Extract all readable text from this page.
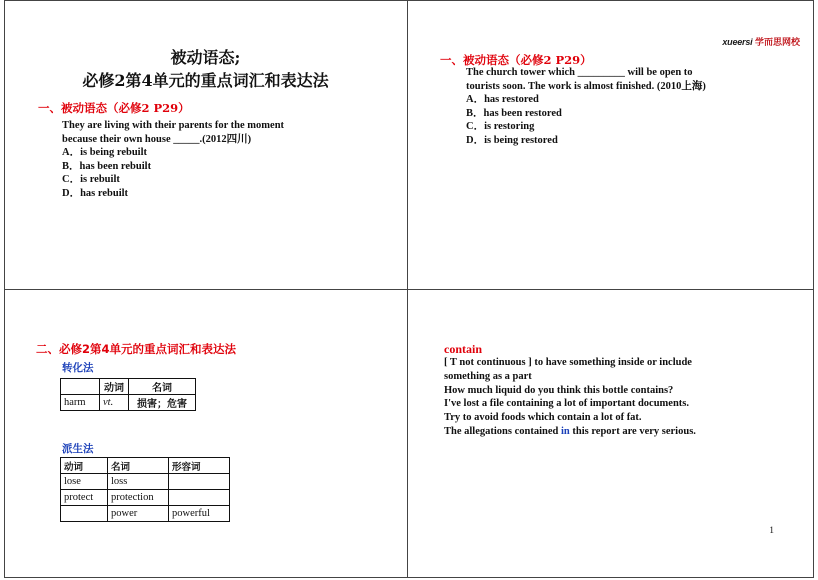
被动语态;
必修2第4单元的重点词汇和表达法
一、被动语态（必修2 P29）
They are living with their parents for the moment
because their own house _____.(2012四川)
A．is being rebuilt
B．has been rebuilt
C．is rebuilt
D．has rebuilt
xueersi 学而思网校
一、被动语态（必修2 P29）
The church tower which _________ will be open to
tourists soon. The work is almost finished. (2010上海)
A．has restored
B．has been restored
C．is restoring
D．is being restored
二、必修2第4单元的重点词汇和表达法
转化法
	动词	名词
harm	vt.	损害；危害
派生法
动词	名词	形容词
lose	loss	
protect	protection	
	power	powerful
contain
[ T not continuous ] to have something inside or include
something as a part
How much liquid do you think this bottle contains?
I've lost a file containing a lot of important documents.
Try to avoid foods which contain a lot of fat.
The allegations contained in this report are very serious.
1
